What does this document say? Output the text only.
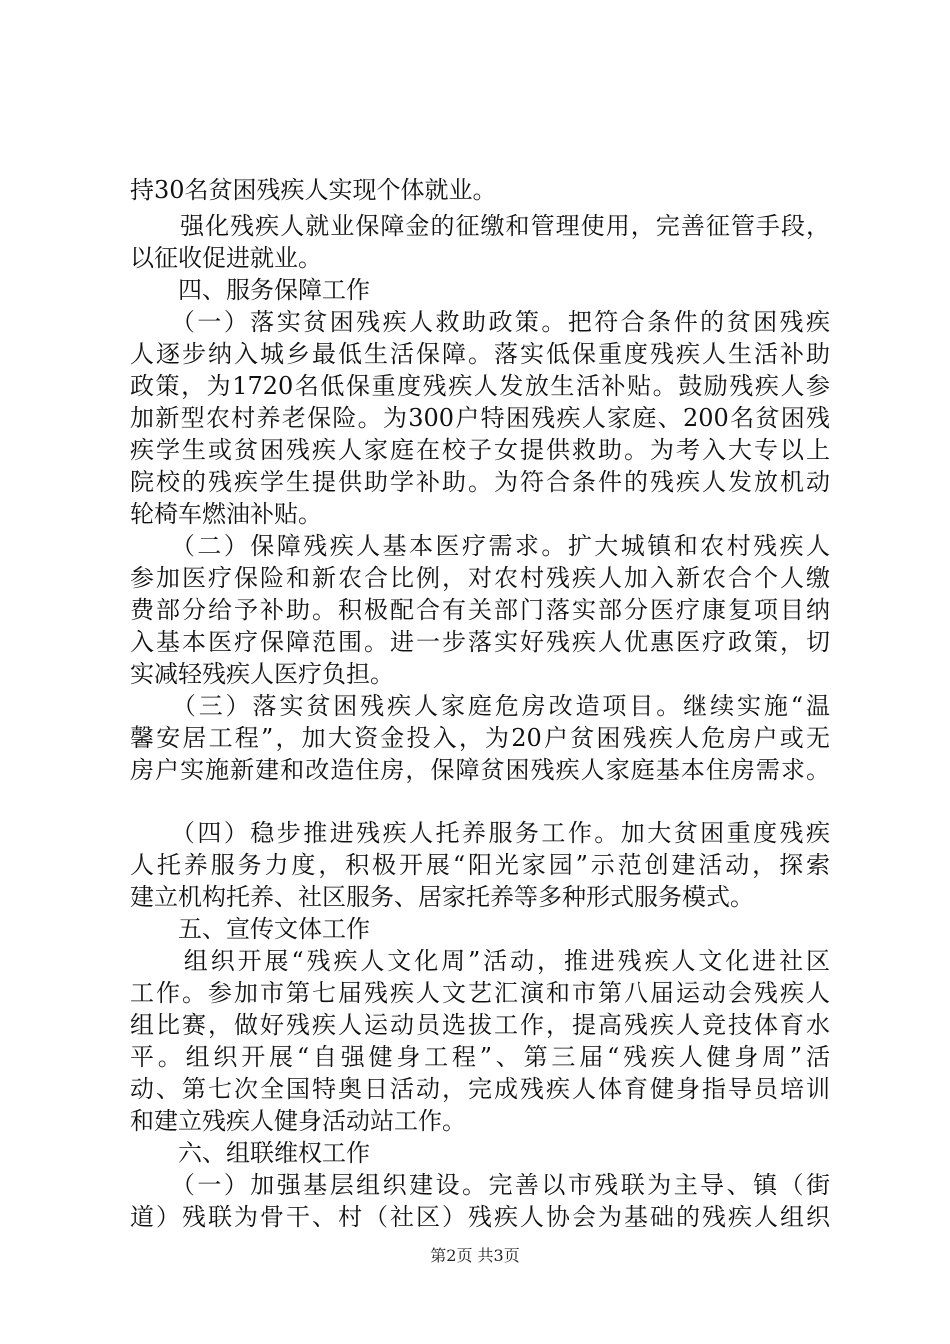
持30名贫困残疾人实现个体就业。
　　强化残疾人就业保障金的征缴和管理使用，完善征管手段，
以征收促进就业。
　　四、服务保障工作
　　（一）落实贫困残疾人救助政策。把符合条件的贫困残疾
人逐步纳入城乡最低生活保障。落实低保重度残疾人生活补助
政策，为1720名低保重度残疾人发放生活补贴。鼓励残疾人参
加新型农村养老保险。为300户特困残疾人家庭、200名贫困残
疾学生或贫困残疾人家庭在校子女提供救助。为考入大专以上
院校的残疾学生提供助学补助。为符合条件的残疾人发放机动
轮椅车燃油补贴。
　　（二）保障残疾人基本医疗需求。扩大城镇和农村残疾人
参加医疗保险和新农合比例，对农村残疾人加入新农合个人缴
费部分给予补助。积极配合有关部门落实部分医疗康复项目纳
入基本医疗保障范围。进一步落实好残疾人优惠医疗政策，切
实减轻残疾人医疗负担。
　　（三）落实贫困残疾人家庭危房改造项目。继续实施“温
馨安居工程”，加大资金投入，为20户贫困残疾人危房户或无
房户实施新建和改造住房，保障贫困残疾人家庭基本住房需求。
　　（四）稳步推进残疾人托养服务工作。加大贫困重度残疾
人托养服务力度，积极开展“阳光家园”示范创建活动，探索
建立机构托养、社区服务、居家托养等多种形式服务模式。
　　五、宣传文体工作
　　组织开展“残疾人文化周”活动，推进残疾人文化进社区
工作。参加市第七届残疾人文艺汇演和市第八届运动会残疾人
组比赛，做好残疾人运动员选拔工作，提高残疾人竞技体育水
平。组织开展“自强健身工程”、第三届“残疾人健身周”活
动、第七次全国特奥日活动，完成残疾人体育健身指导员培训
和建立残疾人健身活动站工作。
　　六、组联维权工作
　　（一）加强基层组织建设。完善以市残联为主导、镇（街
道）残联为骨干、村（社区）残疾人协会为基础的残疾人组织
第2页 共3页
